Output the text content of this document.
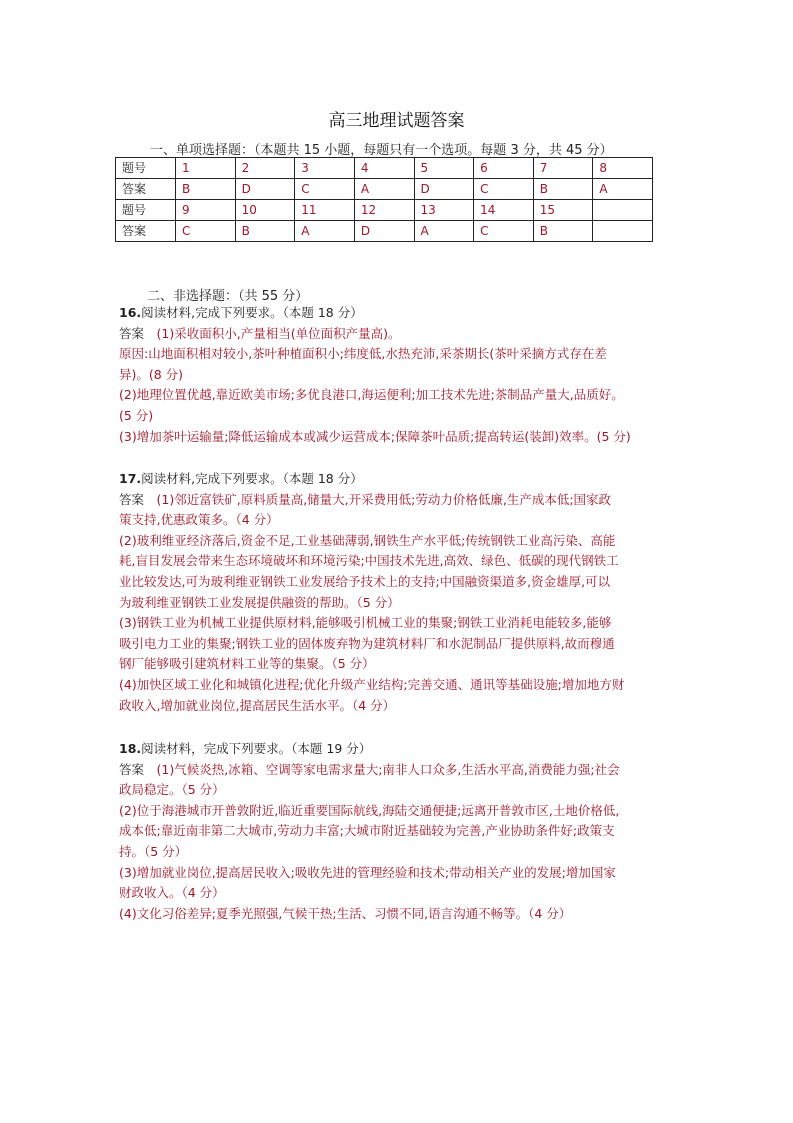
高三地理试题答案
一、单项选择题：（本题共 15 小题，每题只有一个选项。每题 3 分，共 45 分）
题号	1	2	3	4	5	6	7	8
答案	B	D	C	A	D	C	B	A
题号	9	10	11	12	13	14	15	
答案	C	B	A	D	A	C	B	
二、非选择题：（共 55 分）

16.阅读材料,完成下列要求。（本题 18 分）

答案　(1)采收面积小,产量相当(单位面积产量高)。

原因:山地面积相对较小,茶叶种植面积小;纬度低,水热充沛,采茶期长(茶叶采摘方式存在差

异)。(8 分)

(2)地理位置优越,靠近欧美市场;多优良港口,海运便利;加工技术先进;茶制品产量大,品质好。

(5 分)

(3)增加茶叶运输量;降低运输成本或减少运营成本;保障茶叶品质;提高转运(装卸)效率。(5 分)

17.阅读材料,完成下列要求。（本题 18 分）

答案　(1)邻近富铁矿,原料质量高,储量大,开采费用低;劳动力价格低廉,生产成本低;国家政

策支持,优惠政策多。（4 分）

(2)玻利维亚经济落后,资金不足,工业基础薄弱,钢铁生产水平低;传统钢铁工业高污染、高能

耗,盲目发展会带来生态环境破坏和环境污染;中国技术先进,高效、绿色、低碳的现代钢铁工

业比较发达,可为玻利维亚钢铁工业发展给予技术上的支持;中国融资渠道多,资金雄厚,可以

为玻利维亚钢铁工业发展提供融资的帮助。（5 分）

(3)钢铁工业为机械工业提供原材料,能够吸引机械工业的集聚;钢铁工业消耗电能较多,能够

吸引电力工业的集聚;钢铁工业的固体废弃物为建筑材料厂和水泥制品厂提供原料,故而穆通

钢厂能够吸引建筑材料工业等的集聚。（5 分）

(4)加快区域工业化和城镇化进程;优化升级产业结构;完善交通、通讯等基础设施;增加地方财

政收入,增加就业岗位,提高居民生活水平。（4 分）

18.阅读材料，完成下列要求。（本题 19 分）

答案　(1)气候炎热,冰箱、空调等家电需求量大;南非人口众多,生活水平高,消费能力强;社会

政局稳定。（5 分）

(2)位于海港城市开普敦附近,临近重要国际航线,海陆交通便捷;远离开普敦市区,土地价格低,

成本低;靠近南非第二大城市,劳动力丰富;大城市附近基础较为完善,产业协助条件好;政策支

持。（5 分）

(3)增加就业岗位,提高居民收入;吸收先进的管理经验和技术;带动相关产业的发展;增加国家

财政收入。（4 分）

(4)文化习俗差异;夏季光照强,气候干热;生活、习惯不同,语言沟通不畅等。（4 分）
